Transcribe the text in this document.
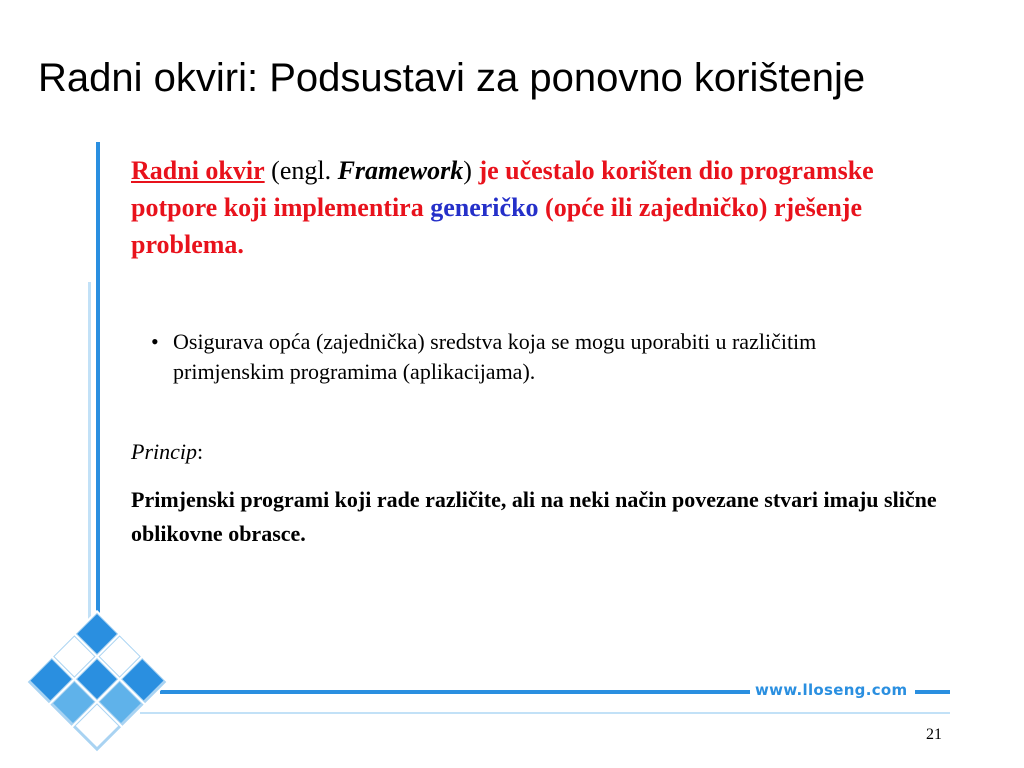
Radni okviri: Podsustavi za ponovno korištenje

Radni okvir (engl. Framework) je učestalo korišten dio programske potpore koji implementira generičko (opće ili zajedničko) rješenje problema.

• Osigurava opća (zajednička) sredstva koja se mogu uporabiti u različitim primjenskim programima (aplikacijama).

Princip:

Primjenski programi koji rade različite, ali na neki način povezane stvari imaju slične oblikovne obrasce.

www.lloseng.com
21
